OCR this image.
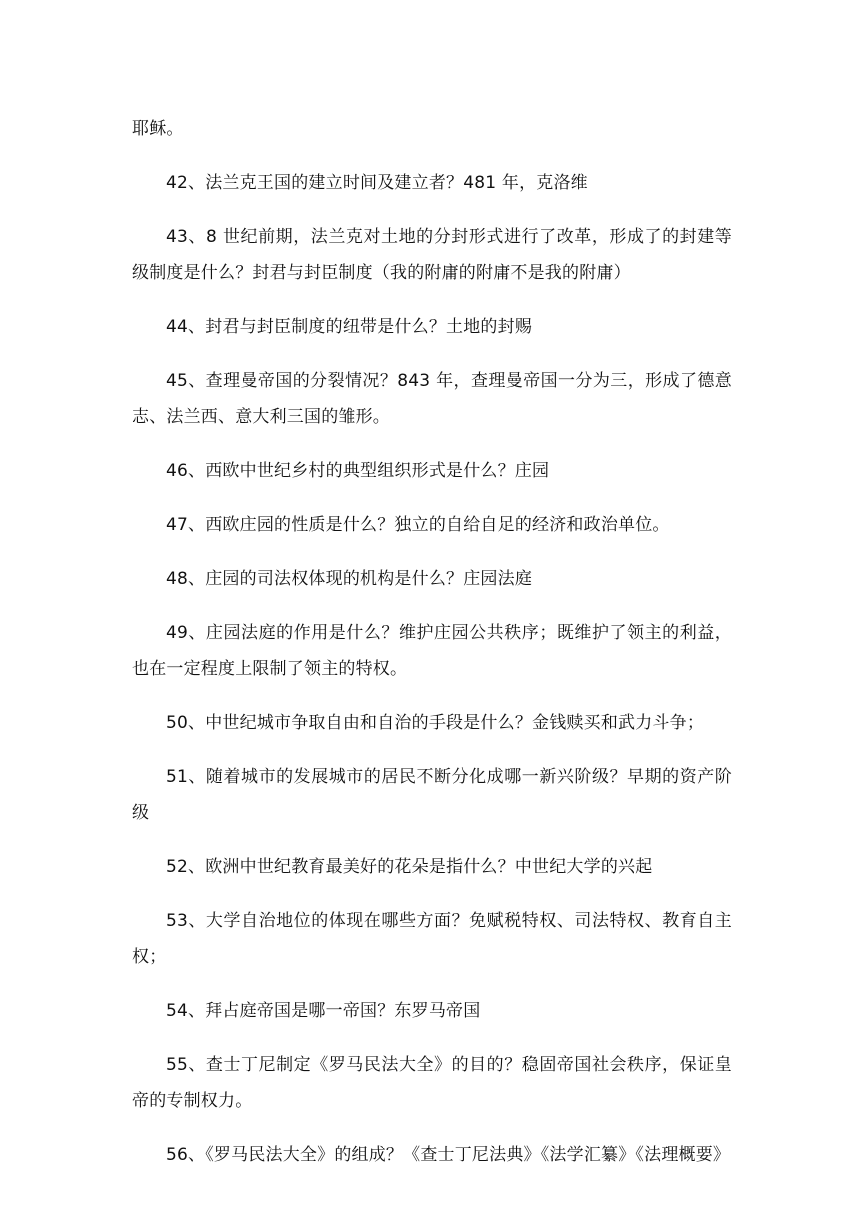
耶稣。

42、法兰克王国的建立时间及建立者？481 年，克洛维

43、8 世纪前期，法兰克对土地的分封形式进行了改革，形成了的封建等级制度是什么？封君与封臣制度（我的附庸的附庸不是我的附庸）

44、封君与封臣制度的纽带是什么？土地的封赐

45、查理曼帝国的分裂情况？843 年，查理曼帝国一分为三，形成了德意志、法兰西、意大利三国的雏形。

46、西欧中世纪乡村的典型组织形式是什么？庄园

47、西欧庄园的性质是什么？独立的自给自足的经济和政治单位。

48、庄园的司法权体现的机构是什么？庄园法庭

49、庄园法庭的作用是什么？维护庄园公共秩序；既维护了领主的利益，也在一定程度上限制了领主的特权。

50、中世纪城市争取自由和自治的手段是什么？金钱赎买和武力斗争；

51、随着城市的发展城市的居民不断分化成哪一新兴阶级？早期的资产阶级

52、欧洲中世纪教育最美好的花朵是指什么？中世纪大学的兴起

53、大学自治地位的体现在哪些方面？免赋税特权、司法特权、教育自主权；

54、拜占庭帝国是哪一帝国？东罗马帝国

55、查士丁尼制定《罗马民法大全》的目的？稳固帝国社会秩序，保证皇帝的专制权力。

56、《罗马民法大全》的组成？《查士丁尼法典》《法学汇纂》《法理概要》
